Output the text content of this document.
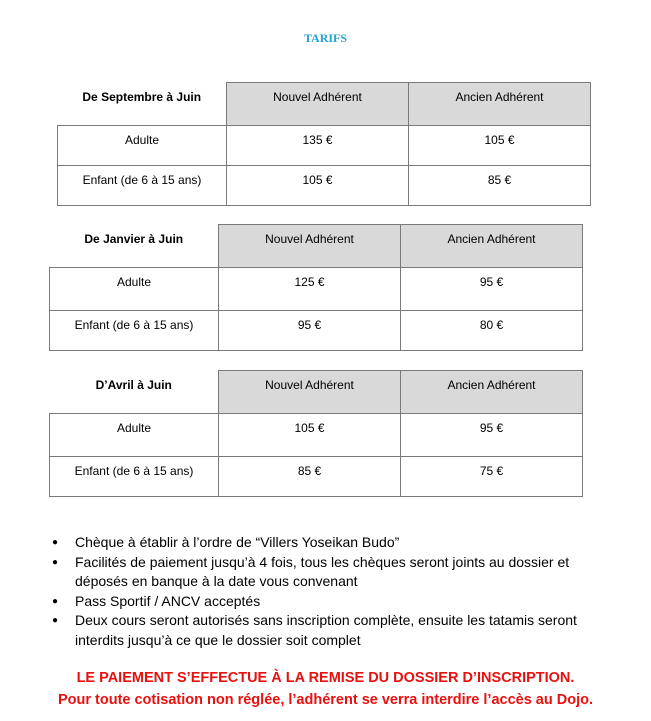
TARIFS
De Septembre à Juin	Nouvel Adhérent	Ancien Adhérent
Adulte	135 €	105 €
Enfant (de 6 à 15 ans)	105 €	85 €
De Janvier à Juin	Nouvel Adhérent	Ancien Adhérent
Adulte	125 €	95 €
Enfant (de 6 à 15 ans)	95 €	80 €
D’Avril à Juin	Nouvel Adhérent	Ancien Adhérent
Adulte	105 €	95 €
Enfant (de 6 à 15 ans)	85 €	75 €
● Chèque à établir à l’ordre de “Villers Yoseikan Budo”
● Facilités de paiement jusqu’à 4 fois, tous les chèques seront joints au dossier et déposés en banque à la date vous convenant
● Pass Sportif / ANCV acceptés
● Deux cours seront autorisés sans inscription complète, ensuite les tatamis seront interdits jusqu’à ce que le dossier soit complet
LE PAIEMENT S’EFFECTUE À LA REMISE DU DOSSIER D’INSCRIPTION.
Pour toute cotisation non réglée, l’adhérent se verra interdire l’accès au Dojo.
